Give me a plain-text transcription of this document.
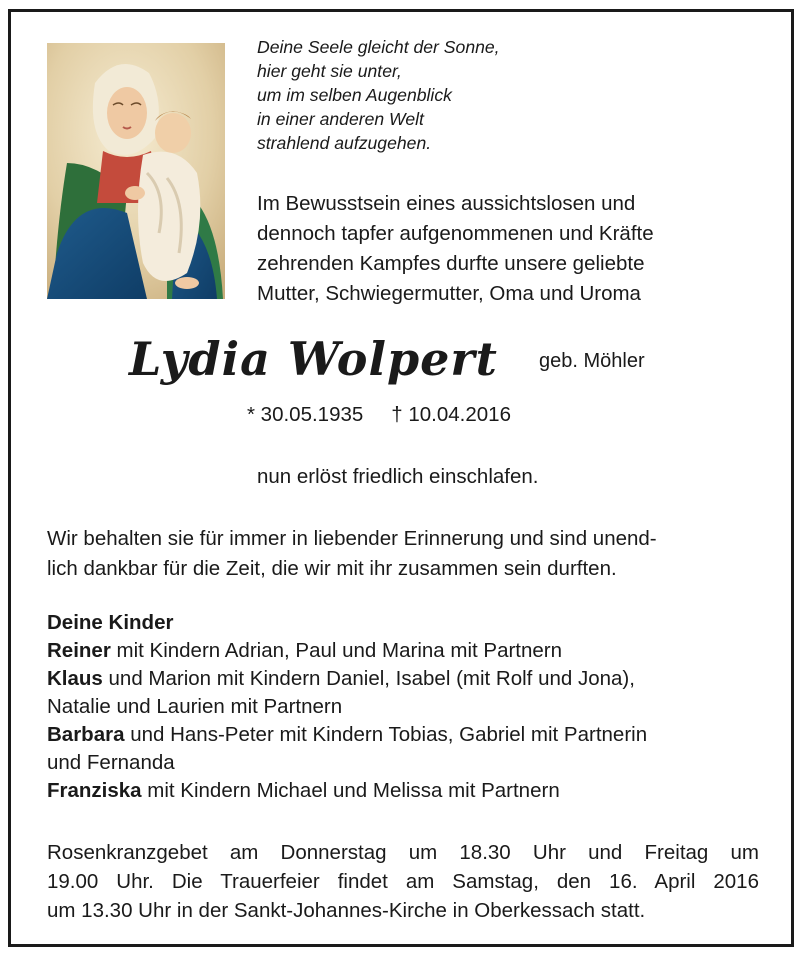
Deine Seele gleicht der Sonne,
hier geht sie unter,
um im selben Augenblick
in einer anderen Welt
strahlend aufzugehen.
Im Bewusstsein eines aussichtslosen und
dennoch tapfer aufgenommenen und Kräfte
zehrenden Kampfes durfte unsere geliebte
Mutter, Schwiegermutter, Oma und Uroma
Lydia Wolpert geb. Möhler
* 30.05.1935 † 10.04.2016
nun erlöst friedlich einschlafen.
Wir behalten sie für immer in liebender Erinnerung und sind unend-
lich dankbar für die Zeit, die wir mit ihr zusammen sein durften.
Deine Kinder
Reiner mit Kindern Adrian, Paul und Marina mit Partnern
Klaus und Marion mit Kindern Daniel, Isabel (mit Rolf und Jona),
Natalie und Laurien mit Partnern
Barbara und Hans-Peter mit Kindern Tobias, Gabriel mit Partnerin
und Fernanda
Franziska mit Kindern Michael und Melissa mit Partnern
Rosenkranzgebet am Donnerstag um 18.30 Uhr und Freitag um
19.00 Uhr. Die Trauerfeier findet am Samstag, den 16. April 2016
um 13.30 Uhr in der Sankt-Johannes-Kirche in Oberkessach statt.
